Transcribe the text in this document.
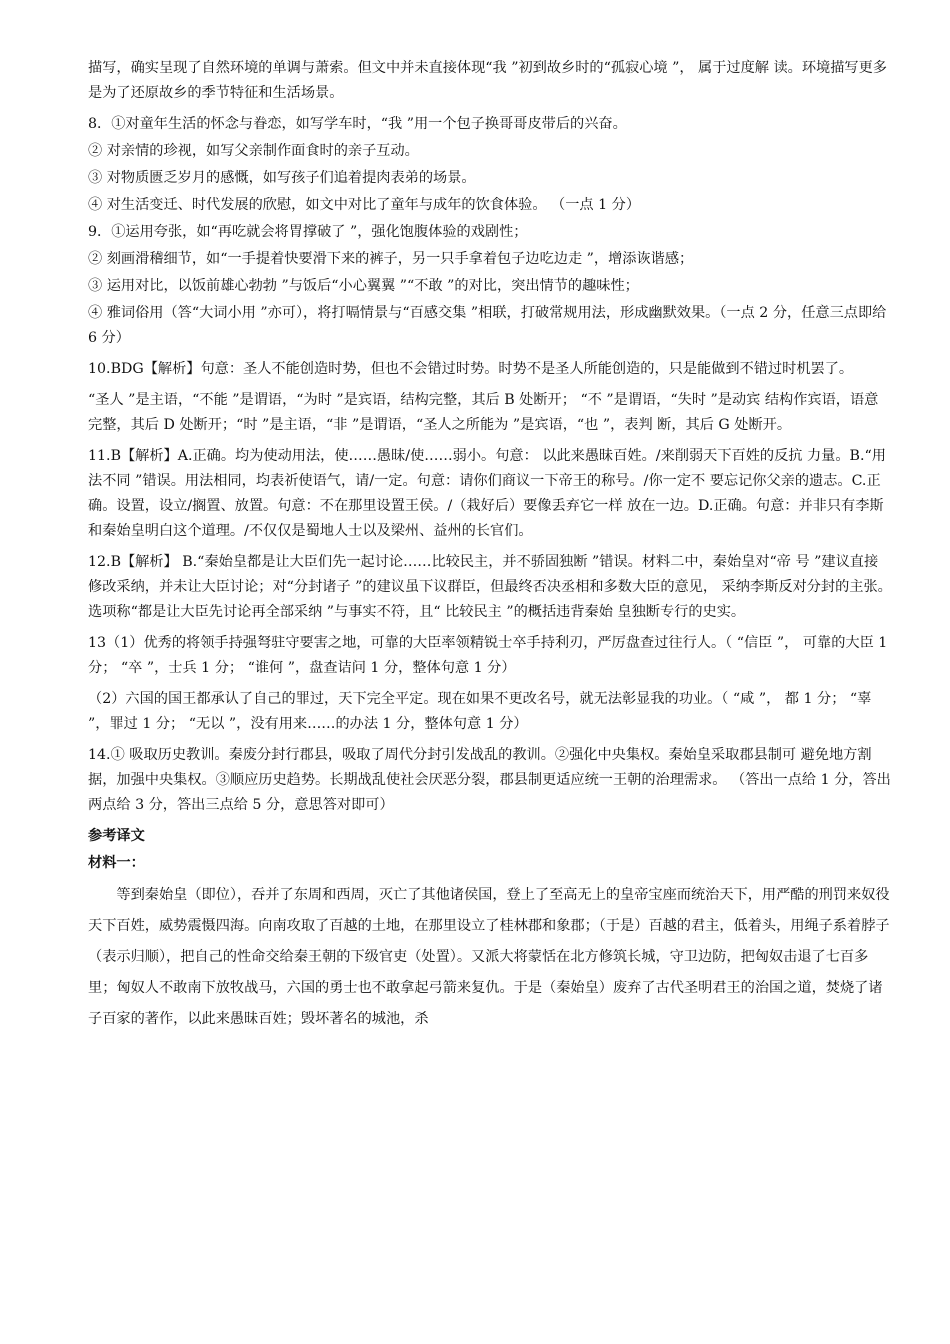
描写，确实呈现了自然环境的单调与萧索。但文中并未直接体现“我 ”初到故乡时的“孤寂心境 ”， 属于过度解 读。环境描写更多是为了还原故乡的季节特征和生活场景。

8．①对童年生活的怀念与眷恋，如写学车时，“我 ”用一个包子换哥哥皮带后的兴奋。

② 对亲情的珍视，如写父亲制作面食时的亲子互动。

③ 对物质匮乏岁月的感慨，如写孩子们追着提肉表弟的场景。

④ 对生活变迁、时代发展的欣慰，如文中对比了童年与成年的饮食体验。 （一点 1 分）

9．①运用夸张，如“再吃就会将胃撑破了 ”，强化饱腹体验的戏剧性；

② 刻画滑稽细节，如“一手提着快要滑下来的裤子，另一只手拿着包子边吃边走 ”，增添诙谐感；

③ 运用对比，以饭前雄心勃勃 ”与饭后“小心翼翼 ”“不敢 ”的对比，突出情节的趣味性；

④ 雅词俗用（答“大词小用 ”亦可），将打嗝情景与“百感交集 ”相联，打破常规用法，形成幽默效果。（一点 2 分，任意三点即给 6 分）

10.BDG【解析】句意：圣人不能创造时势，但也不会错过时势。时势不是圣人所能创造的，只是能做到不错过时机罢了。

“圣人 ”是主语，“不能 ”是谓语，“为时 ”是宾语，结构完整，其后 B 处断开； “不 ”是谓语，“失时 ”是动宾 结构作宾语，语意完整，其后 D 处断开；“时 ”是主语，“非 ”是谓语，“圣人之所能为 ”是宾语，“也 ”，表判 断，其后 G 处断开。

11.B【解析】A.正确。均为使动用法，使……愚昧/使……弱小。句意： 以此来愚昧百姓。/来削弱天下百姓的反抗 力量。B.“用法不同 ”错误。用法相同，均表祈使语气，请/一定。句意：请你们商议一下帝王的称号。/你一定不 要忘记你父亲的遗志。C.正确。设置，设立/搁置、放置。句意：不在那里设置王侯。/（栽好后）要像丢弃它一样 放在一边。D.正确。句意：并非只有李斯和秦始皇明白这个道理。/不仅仅是蜀地人士以及梁州、益州的长官们。

12.B【解析】 B.“秦始皇都是让大臣们先一起讨论……比较民主，并不骄固独断 ”错误。材料二中，秦始皇对“帝 号 ”建议直接修改采纳，并未让大臣讨论；对“分封诸子 ”的建议虽下议群臣，但最终否决丞相和多数大臣的意见， 采纳李斯反对分封的主张。选项称“都是让大臣先讨论再全部采纳 ”与事实不符，且“ 比较民主 ”的概括违背秦始 皇独断专行的史实。

13（1）优秀的将领手持强弩驻守要害之地，可靠的大臣率领精锐士卒手持利刃，严厉盘查过往行人。（ “信臣 ”， 可靠的大臣 1 分； “卒 ”，士兵 1 分； “谁何 ”，盘查诘问 1 分，整体句意 1 分）

（2）六国的国王都承认了自己的罪过，天下完全平定。现在如果不更改名号，就无法彰显我的功业。（ “咸 ”， 都 1 分； “辜 ”，罪过 1 分； “无以 ”，没有用来……的办法 1 分，整体句意 1 分）

14.① 吸取历史教训。秦废分封行郡县，吸取了周代分封引发战乱的教训。②强化中央集权。秦始皇采取郡县制可 避免地方割据，加强中央集权。③顺应历史趋势。长期战乱使社会厌恶分裂，郡县制更适应统一王朝的治理需求。 （答出一点给 1 分，答出两点给 3 分，答出三点给 5 分，意思答对即可）

参考译文

材料一：

等到秦始皇（即位），吞并了东周和西周，灭亡了其他诸侯国，登上了至高无上的皇帝宝座而统治天下，用严酷的刑罚来奴役天下百姓，威势震慑四海。向南攻取了百越的土地，在那里设立了桂林郡和象郡；（于是）百越的君主，低着头，用绳子系着脖子（表示归顺），把自己的性命交给秦王朝的下级官吏（处置）。又派大将蒙恬在北方修筑长城，守卫边防，把匈奴击退了七百多里；匈奴人不敢南下放牧战马，六国的勇士也不敢拿起弓箭来复仇。于是（秦始皇）废弃了古代圣明君王的治国之道，焚烧了诸子百家的著作，以此来愚昧百姓；毁坏著名的城池，杀
